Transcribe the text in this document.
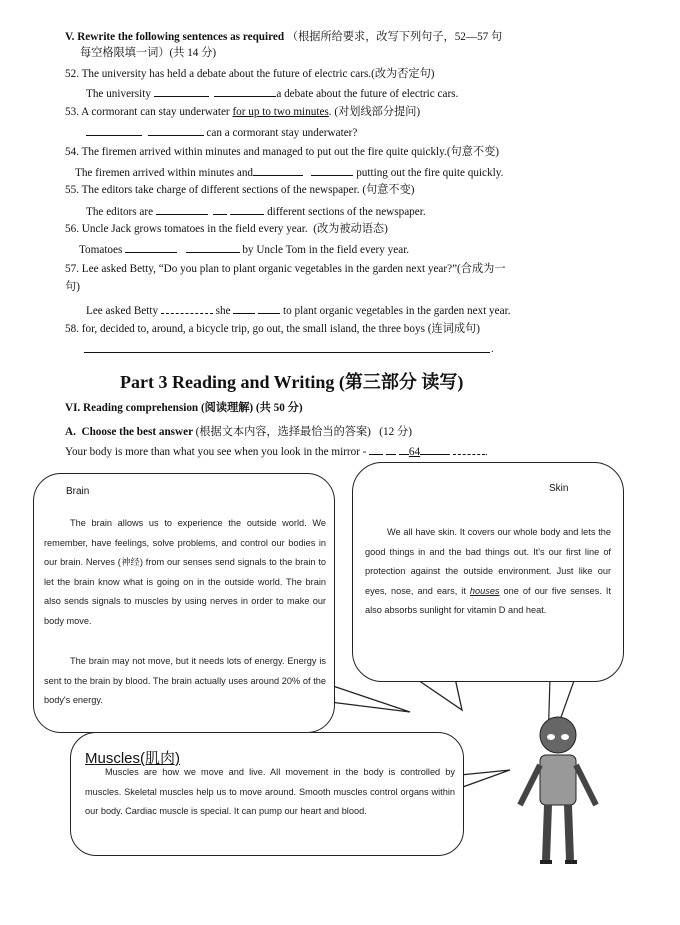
V. Rewrite the following sentences as required （根据所给要求，改写下列句子，52—57 句
每空格限填一词）(共 14 分)
52. The university has held a debate about the future of electric cars.(改为否定句)
The university	a debate about the future of electric cars.
53. A cormorant can stay underwater for up to two minutes. (对划线部分提问)
can a cormorant stay underwater?
54. The firemen arrived within minutes and managed to put out the fire quite quickly.(句意不变)
The firemen arrived within minutes and	putting out the fire quite quickly.
55. The editors take charge of different sections of the newspaper. (句意不变)
The editors are	different sections of the newspaper.
56. Uncle Jack grows tomatoes in the field every year. (改为被动语态)
Tomatoes	by Uncle Tom in the field every year.
57. Lee asked Betty, “Do you plan to plant organic vegetables in the garden next year?”(合成为一
句)
Lee asked Betty	she	to plant organic vegetables in the garden next year.
58. for, decided to, around, a bicycle trip, go out, the small island, the three boys (连词成句)
.
Part 3 Reading and Writing (第三部分 读写)
VI. Reading comprehension (阅读理解) (共 50 分)
A. Choose the best answer (根据文本内容，选择最恰当的答案) (12 分)
Your body is more than what you see when you look in the mirror -	64	.
Brain
The brain allows us to experience the outside world. We remember, have feelings, solve problems, and control our bodies in our brain. Nerves (神经) from our senses send signals to the brain to let the brain know what is going on in the outside world. The brain also sends signals to muscles by using nerves in order to make our body move.
The brain may not move, but it needs lots of energy. Energy is sent to the brain by blood. The brain actually uses around 20% of the body's energy.
Skin
We all have skin. It covers our whole body and lets the good things in and the bad things out. It's our first line of protection against the outside environment. Just like our eyes, nose, and ears, it houses one of our five senses. It also absorbs sunlight for vitamin D and heat.
Muscles(肌肉)
Muscles are how we move and live. All movement in the body is controlled by muscles. Skeletal muscles help us to move around. Smooth muscles control organs within our body. Cardiac muscle is special. It can pump our heart and blood.
